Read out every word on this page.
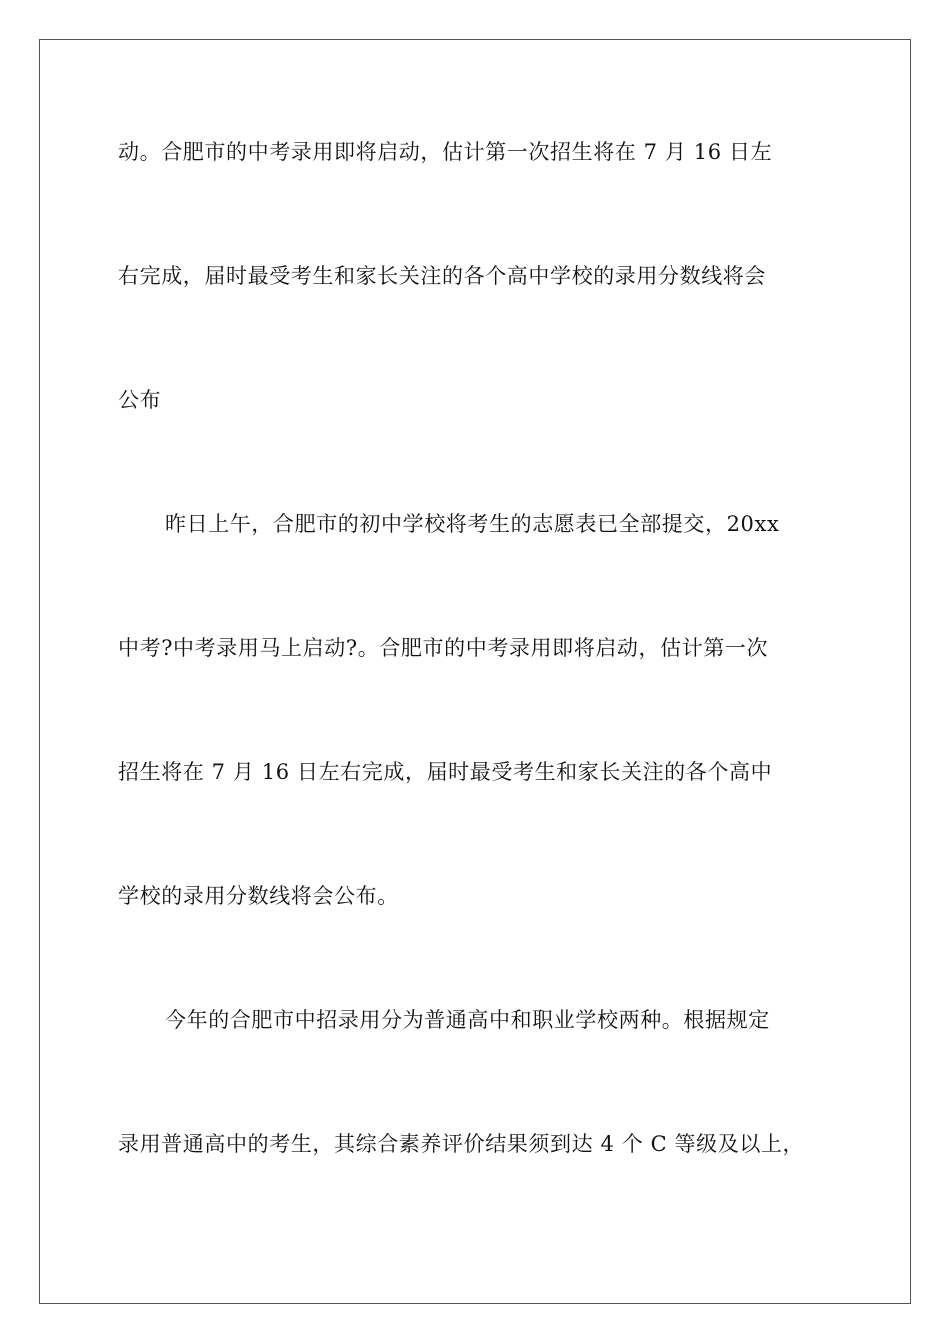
动。合肥市的中考录用即将启动，估计第一次招生将在 7 月 16 日左
右完成，届时最受考生和家长关注的各个高中学校的录用分数线将会
公布
昨日上午，合肥市的初中学校将考生的志愿表已全部提交，20xx
中考?中考录用马上启动?。合肥市的中考录用即将启动，估计第一次
招生将在 7 月 16 日左右完成，届时最受考生和家长关注的各个高中
学校的录用分数线将会公布。
今年的合肥市中招录用分为普通高中和职业学校两种。根据规定
录用普通高中的考生，其综合素养评价结果须到达 4 个 C 等级及以上，
